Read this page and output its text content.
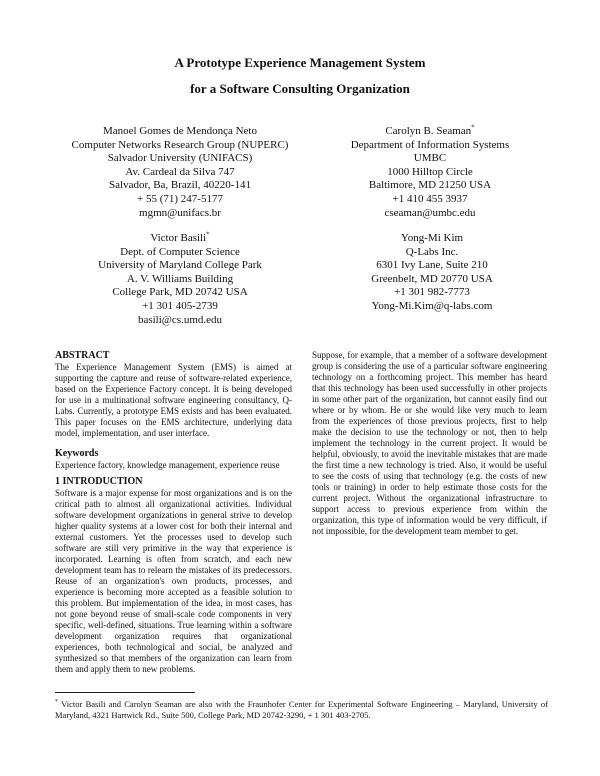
A Prototype Experience Management System
for a Software Consulting Organization
Manoel Gomes de Mendonça Neto
Computer Networks Research Group (NUPERC)
Salvador University (UNIFACS)
Av. Cardeal da Silva 747
Salvador, Ba, Brazil, 40220-141
+ 55 (71) 247-5177
mgmn@unifacs.br
Carolyn B. Seaman*
Department of Information Systems
UMBC
1000 Hilltop Circle
Baltimore, MD 21250 USA
+1 410 455 3937
cseaman@umbc.edu
Victor Basili*
Dept. of Computer Science
University of Maryland College Park
A. V. Williams Building
College Park, MD 20742 USA
+1 301 405-2739
basili@cs.umd.edu
Yong-Mi Kim
Q-Labs Inc.
6301 Ivy Lane, Suite 210
Greenbelt, MD 20770 USA
+1 301 982-7773
Yong-Mi.Kim@q-labs.com

ABSTRACT

The Experience Management System (EMS) is aimed at supporting the capture and reuse of software-related experience, based on the Experience Factory concept. It is being developed for use in a multinational software engineering consultancy, Q-Labs. Currently, a prototype EMS exists and has been evaluated. This paper focuses on the EMS architecture, underlying data model, implementation, and user interface.

Keywords

Experience factory, knowledge management, experience reuse

1 INTRODUCTION

Software is a major expense for most organizations and is on the critical path to almost all organizational activities. Individual software development organizations in general strive to develop higher quality systems at a lower cost for both their internal and external customers. Yet the processes used to develop such software are still very primitive in the way that experience is incorporated. Learning is often from scratch, and each new development team has to relearn the mistakes of its predecessors. Reuse of an organization's own products, processes, and experience is becoming more accepted as a feasible solution to this problem. But implementation of the idea, in most cases, has not gone beyond reuse of small-scale code components in very specific, well-defined, situations. True learning within a software development organization requires that organizational experiences, both technological and social, be analyzed and synthesized so that members of the organization can learn from them and apply them to new problems.

Suppose, for example, that a member of a software development group is considering the use of a particular software engineering technology on a forthcoming project. This member has heard that this technology has been used successfully in other projects in some other part of the organization, but cannot easily find out where or by whom. He or she would like very much to learn from the experiences of those previous projects, first to help make the decision to use the technology or not, then to help implement the technology in the current project. It would be helpful, obviously, to avoid the inevitable mistakes that are made the first time a new technology is tried. Also, it would be useful to see the costs of using that technology (e.g. the costs of new tools or training) in order to help estimate those costs for the current project. Without the organizational infrastructure to support access to previous experience from within the organization, this type of information would be very difficult, if not impossible, for the development team member to get.

* Victor Basili and Carolyn Seaman are also with the Fraunhofer Center for Experimental Software Engineering – Maryland, University of Maryland, 4321 Hartwick Rd., Suite 500, College Park, MD 20742-3290, + 1 301 403-2705.
